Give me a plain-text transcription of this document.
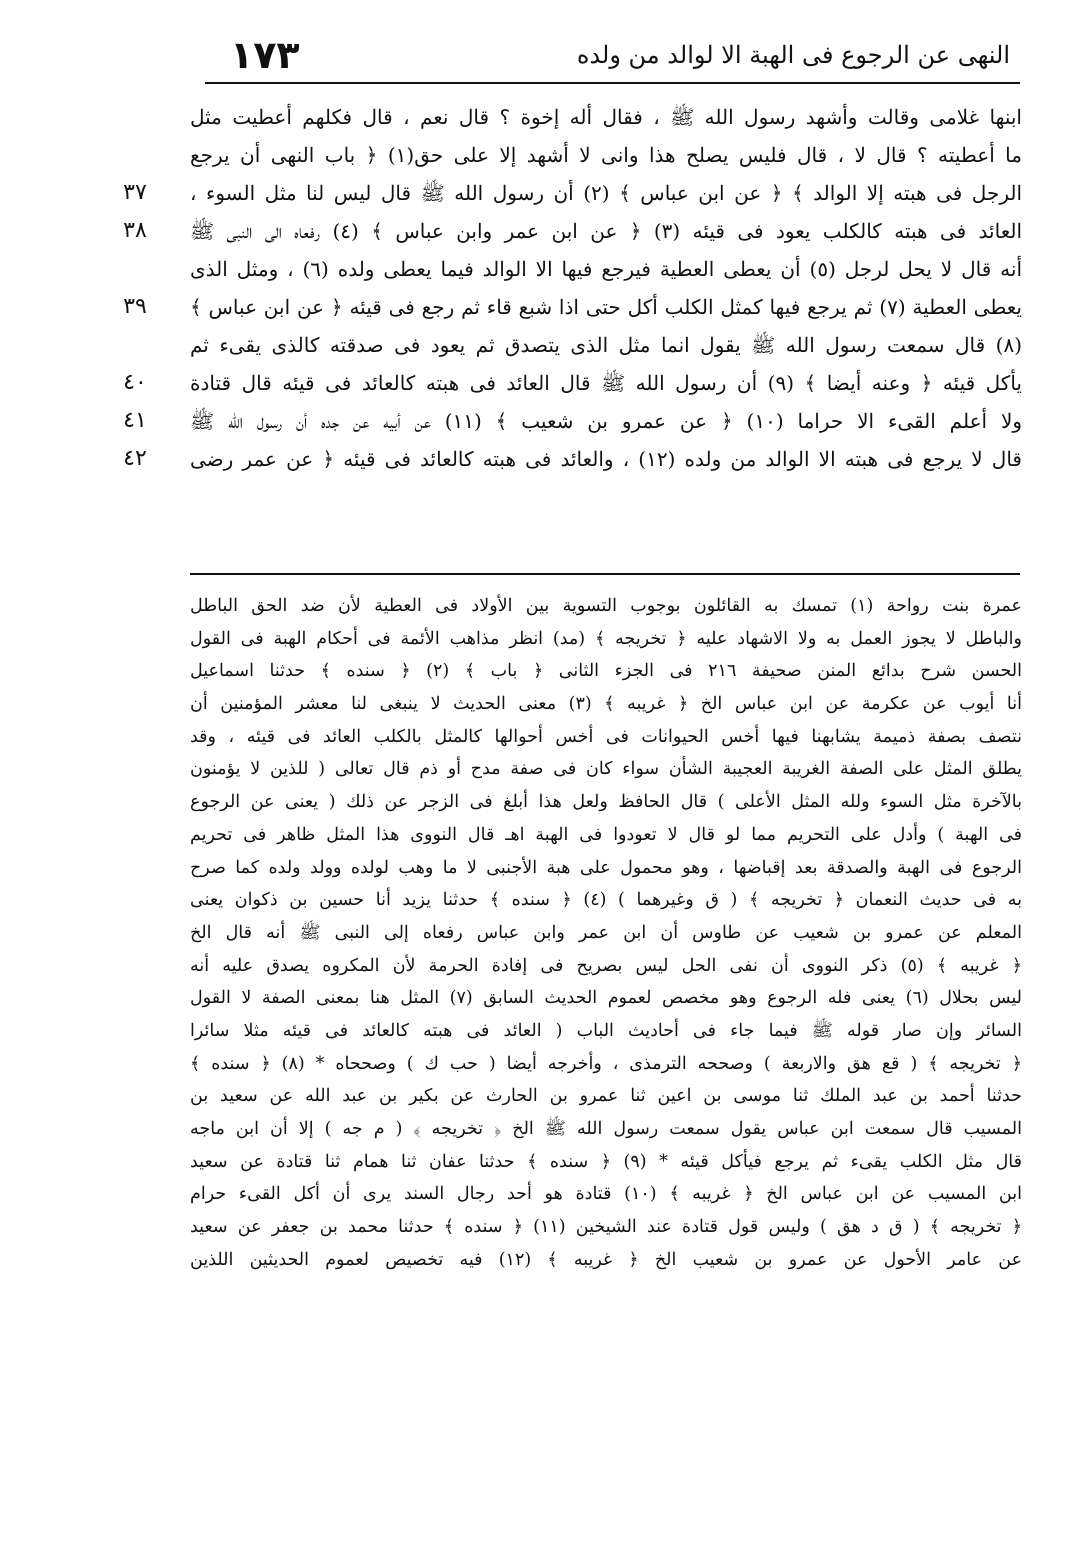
١٧٣	النهى عن الرجوع فى الهبة الا لوالد من ولده
٣٧
٣٨
٣٩
٤٠
٤١
٤٢
ابنها غلامى وقالت وأشهد رسول الله ﷺ ، فقال أله إخوة ؟ قال نعم ، قال فكلهم أعطيت مثل
ما أعطيته ؟ قال لا ، قال فليس يصلح هذا وانى لا أشهد إلا على حق(١) ﴿ باب النهى أن يرجع
الرجل فى هبته إلا الوالد ﴾ ﴿ عن ابن عباس ﴾ (٢) أن رسول الله ﷺ قال ليس لنا مثل السوء ،
العائد فى هبته كالكلب يعود فى قيئه (٣) ﴿ عن ابن عمر وابن عباس ﴾ (٤) رفعاه الى النبى ﷺ
أنه قال لا يحل لرجل (٥) أن يعطى العطية فيرجع فيها الا الوالد فيما يعطى ولده (٦) ، ومثل الذى
يعطى العطية (٧) ثم يرجع فيها كمثل الكلب أكل حتى اذا شبع قاء ثم رجع فى قيئه ﴿ عن ابن عباس ﴾
(٨) قال سمعت رسول الله ﷺ يقول انما مثل الذى يتصدق ثم يعود فى صدقته كالذى يقىء ثم
يأكل قيئه ﴿ وعنه أيضا ﴾ (٩) أن رسول الله ﷺ قال العائد فى هبته كالعائد فى قيئه قال قتادة
ولا أعلم القىء الا حراما (١٠) ﴿ عن عمرو بن شعيب ﴾ (١١) عن أبيه عن جده أن رسول الله ﷺ
قال لا يرجع فى هبته الا الوالد من ولده (١٢) ، والعائد فى هبته كالعائد فى قيئه ﴿ عن عمر رضى
عمرة بنت رواحة (١) تمسك به القائلون بوجوب التسوية بين الأولاد فى العطية لأن ضد الحق الباطل
والباطل لا يجوز العمل به ولا الاشهاد عليه ﴿ تخريجه ﴾ (مد) انظر مذاهب الأئمة فى أحكام الهبة فى القول
الحسن شرح بدائع المنن صحيفة ٢١٦ فى الجزء الثانى ﴿ باب ﴾ (٢) ﴿ سنده ﴾ حدثنا اسماعيل
أنا أيوب عن عكرمة عن ابن عباس الخ ﴿ غريبه ﴾ (٣) معنى الحديث لا ينبغى لنا معشر المؤمنين أن
نتصف بصفة ذميمة يشابهنا فيها أخس الحيوانات فى أخس أحوالها كالمثل بالكلب العائد فى قيئه ، وقد
يطلق المثل على الصفة الغريبة العجيبة الشأن سواء كان فى صفة مدح أو ذم قال تعالى ( للذين لا يؤمنون
بالآخرة مثل السوء ولله المثل الأعلى ) قال الحافظ ولعل هذا أبلغ فى الزجر عن ذلك ( يعنى عن الرجوع
فى الهبة ) وأدل على التحريم مما لو قال لا تعودوا فى الهبة اهـ قال النووى هذا المثل ظاهر فى تحريم
الرجوع فى الهبة والصدقة بعد إقباضها ، وهو محمول على هبة الأجنبى لا ما وهب لولده وولد ولده كما صرح
به فى حديث النعمان ﴿ تخريجه ﴾ ( ق وغيرهما ) (٤) ﴿ سنده ﴾ حدثنا يزيد أنا حسين بن ذكوان يعنى
المعلم عن عمرو بن شعيب عن طاوس أن ابن عمر وابن عباس رفعاه إلى النبى ﷺ أنه قال الخ
﴿ غريبه ﴾ (٥) ذكر النووى أن نفى الحل ليس بصريح فى إفادة الحرمة لأن المكروه يصدق عليه أنه
ليس بحلال (٦) يعنى فله الرجوع وهو مخصص لعموم الحديث السابق (٧) المثل هنا بمعنى الصفة لا القول
السائر وإن صار قوله ﷺ فيما جاء فى أحاديث الباب ( العائد فى هبته كالعائد فى قيئه مثلا سائرا
﴿ تخريجه ﴾ ( قع هق والاربعة ) وصححه الترمذى ، وأخرجه أيضا ( حب ك ) وصححاه * (٨) ﴿ سنده ﴾
حدثنا أحمد بن عبد الملك ثنا موسى بن اعين ثنا عمرو بن الحارث عن بكير بن عبد الله عن سعيد بن
المسيب قال سمعت ابن عباس يقول سمعت رسول الله ﷺ الخ ﴿ تخريجه ﴾ ( م جه ) إلا أن ابن ماجه
قال مثل الكلب يقىء ثم يرجع فيأكل قيئه * (٩) ﴿ سنده ﴾ حدثنا عفان ثنا همام ثنا قتادة عن سعيد
ابن المسيب عن ابن عباس الخ ﴿ غريبه ﴾ (١٠) قتادة هو أحد رجال السند يرى أن أكل القىء حرام
﴿ تخريجه ﴾ ( ق د هق ) وليس قول قتادة عند الشيخين (١١) ﴿ سنده ﴾ حدثنا محمد بن جعفر عن سعيد
عن عامر الأحول عن عمرو بن شعيب الخ ﴿ غريبه ﴾ (١٢) فيه تخصيص لعموم الحديثين اللذين
